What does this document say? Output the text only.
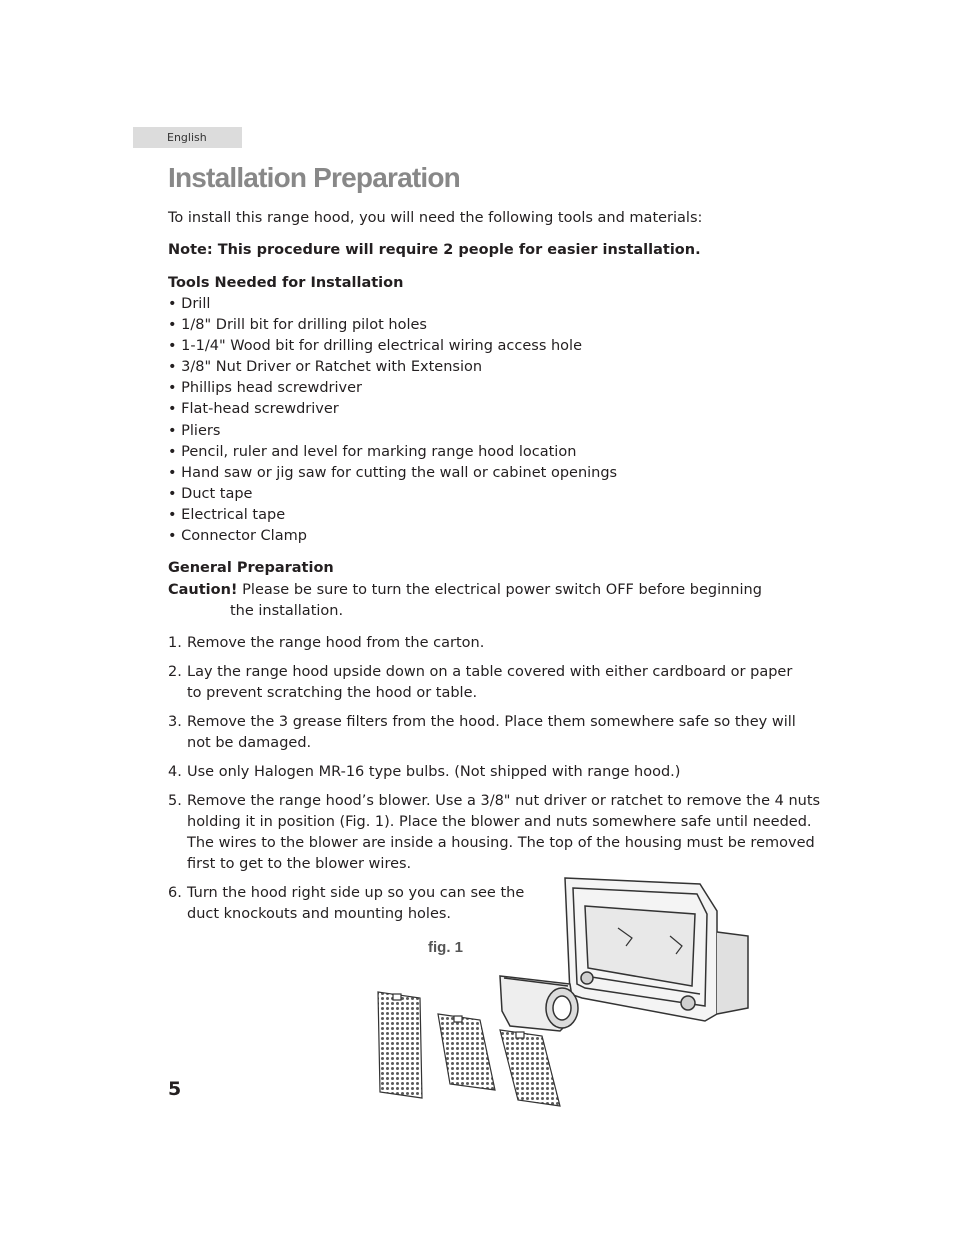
English
Installation Preparation
To install this range hood, you will need the following tools and materials:
Note: This procedure will require 2 people for easier installation.
Tools Needed for Installation
• Drill
• 1/8" Drill bit for drilling pilot holes
• 1-1/4" Wood bit for drilling electrical wiring access hole
• 3/8" Nut Driver or Ratchet with Extension
• Phillips head screwdriver
• Flat-head screwdriver
• Pliers
• Pencil, ruler and level for marking range hood location
• Hand saw or jig saw for cutting the wall or cabinet openings
• Duct tape
• Electrical tape
• Connector Clamp
General Preparation
Caution! Please be sure to turn the electrical power switch OFF before beginning
the installation.
1. Remove the range hood from the carton.
2. Lay the range hood upside down on a table covered with either cardboard or paper
to prevent scratching the hood or table.
3. Remove the 3 grease filters from the hood. Place them somewhere safe so they will
not be damaged.
4. Use only Halogen MR-16 type bulbs. (Not shipped with range hood.)
5. Remove the range hood’s blower. Use a 3/8" nut driver or ratchet to remove the 4 nuts
holding it in position (Fig. 1). Place the blower and nuts somewhere safe until needed.
The wires to the blower are inside a housing. The top of the housing must be removed
first to get to the blower wires.
6. Turn the hood right side up so you can see the
duct knockouts and mounting holes.
fig. 1
5
